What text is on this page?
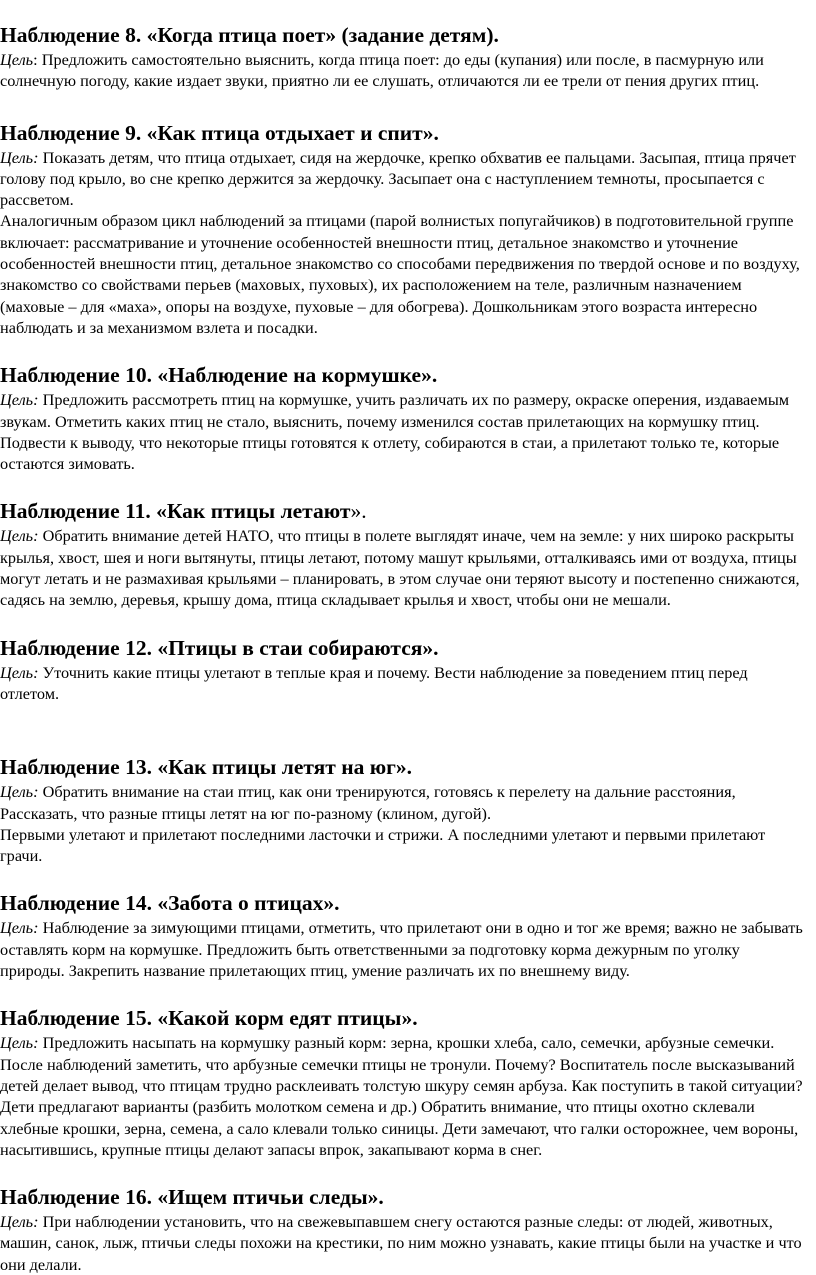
Наблюдение 8. «Когда птица поет» (задание детям).

Цель: Предложить самостоятельно выяснить, когда птица поет: до еды (купания) или после, в пасмурную или солнечную погоду, какие издает звуки, приятно ли ее слушать, отличаются ли ее трели от пения других птиц.

Наблюдение 9. «Как птица отдыхает и спит».

Цель: Показать детям, что птица отдыхает, сидя на жердочке, крепко обхватив ее пальцами. Засыпая, птица прячет голову под крыло, во сне крепко держится за жердочку. Засыпает она с наступлением темноты, просыпается с рассветом.

Аналогичным образом цикл наблюдений за птицами (парой волнистых попугайчиков) в подготовительной группе включает: рассматривание и уточнение особенностей внешности птиц, детальное знакомство и уточнение особенностей внешности птиц, детальное знакомство со способами передвижения по твердой основе и по воздуху, знакомство со свойствами перьев (маховых, пуховых), их расположением на теле, различным назначением (маховые – для «маха», опоры на воздухе, пуховые – для обогрева). Дошкольникам этого возраста интересно наблюдать и за механизмом взлета и посадки.

Наблюдение 10. «Наблюдение на кормушке».

Цель: Предложить рассмотреть птиц на кормушке, учить различать их по размеру, окраске оперения, издаваемым звукам. Отметить каких птиц не стало, выяснить, почему изменился состав прилетающих на кормушку птиц. Подвести к выводу, что некоторые птицы готовятся к отлету, собираются в стаи, а прилетают только те, которые остаются зимовать.

Наблюдение 11. «Как птицы летают».

Цель: Обратить внимание детей НАТО, что птицы в полете выглядят иначе, чем на земле: у них широко раскрыты крылья, хвост, шея и ноги вытянуты, птицы летают, потому машут крыльями, отталкиваясь ими от воздуха, птицы могут летать и не размахивая крыльями – планировать, в этом случае они теряют высоту и постепенно снижаются, садясь на землю, деревья, крышу дома, птица складывает крылья и хвост, чтобы они не мешали.

Наблюдение 12. «Птицы в стаи собираются».

Цель: Уточнить какие птицы улетают в теплые края и почему. Вести наблюдение за поведением птиц перед отлетом.

Наблюдение 13. «Как птицы летят на юг».

Цель: Обратить внимание на стаи птиц, как они тренируются, готовясь к перелету на дальние расстояния, Рассказать, что разные птицы летят на юг по-разному (клином, дугой).

Первыми улетают и прилетают последними ласточки и стрижи. А последними улетают и первыми прилетают грачи.

Наблюдение 14. «Забота о птицах».

Цель: Наблюдение за зимующими птицами, отметить, что прилетают они в одно и тог же время; важно не забывать оставлять корм на кормушке. Предложить быть ответственными за подготовку корма дежурным по уголку природы. Закрепить название прилетающих птиц, умение различать их по внешнему виду.

Наблюдение 15. «Какой корм едят птицы».

Цель: Предложить насыпать на кормушку разный корм: зерна, крошки хлеба, сало, семечки, арбузные семечки. После наблюдений заметить, что арбузные семечки птицы не тронули. Почему? Воспитатель после высказываний детей делает вывод, что птицам трудно расклеивать толстую шкуру семян арбуза. Как поступить в такой ситуации? Дети предлагают варианты (разбить молотком семена и др.) Обратить внимание, что птицы охотно склевали хлебные крошки, зерна, семена, а сало клевали только синицы. Дети замечают, что галки осторожнее, чем вороны, насытившись, крупные птицы делают запасы впрок, закапывают корма в снег.

Наблюдение 16. «Ищем птичьи следы».

Цель: При наблюдении установить, что на свежевыпавшем снегу остаются разные следы: от людей, животных, машин, санок, лыж, птичьи следы похожи на крестики, по ним можно узнавать, какие птицы были на участке и что они делали.
